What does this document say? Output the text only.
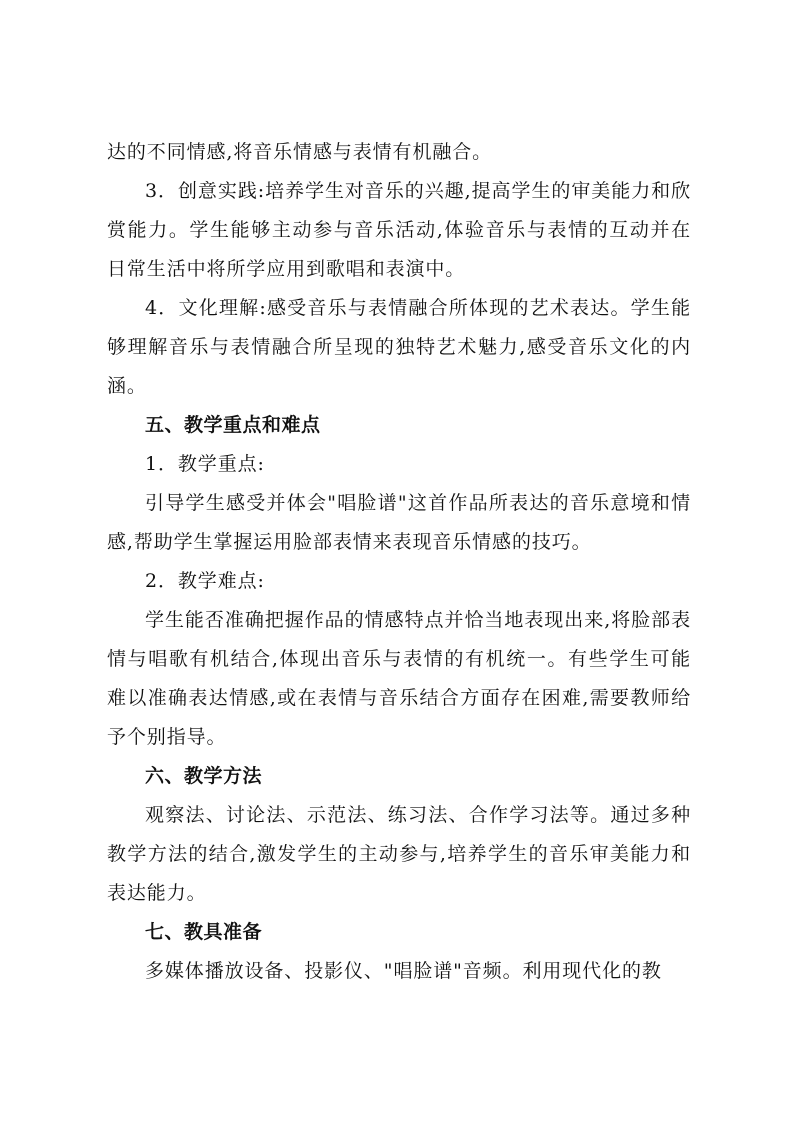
达的不同情感,将音乐情感与表情有机融合。

3．创意实践:培养学生对音乐的兴趣,提高学生的审美能力和欣赏能力。学生能够主动参与音乐活动,体验音乐与表情的互动并在日常生活中将所学应用到歌唱和表演中。

4．文化理解:感受音乐与表情融合所体现的艺术表达。学生能够理解音乐与表情融合所呈现的独特艺术魅力,感受音乐文化的内涵。

五、教学重点和难点

1．教学重点:

引导学生感受并体会"唱脸谱"这首作品所表达的音乐意境和情感,帮助学生掌握运用脸部表情来表现音乐情感的技巧。

2．教学难点:

学生能否准确把握作品的情感特点并恰当地表现出来,将脸部表情与唱歌有机结合,体现出音乐与表情的有机统一。有些学生可能难以准确表达情感,或在表情与音乐结合方面存在困难,需要教师给予个别指导。

六、教学方法

观察法、讨论法、示范法、练习法、合作学习法等。通过多种教学方法的结合,激发学生的主动参与,培养学生的音乐审美能力和表达能力。

七、教具准备

多媒体播放设备、投影仪、"唱脸谱"音频。利用现代化的教
